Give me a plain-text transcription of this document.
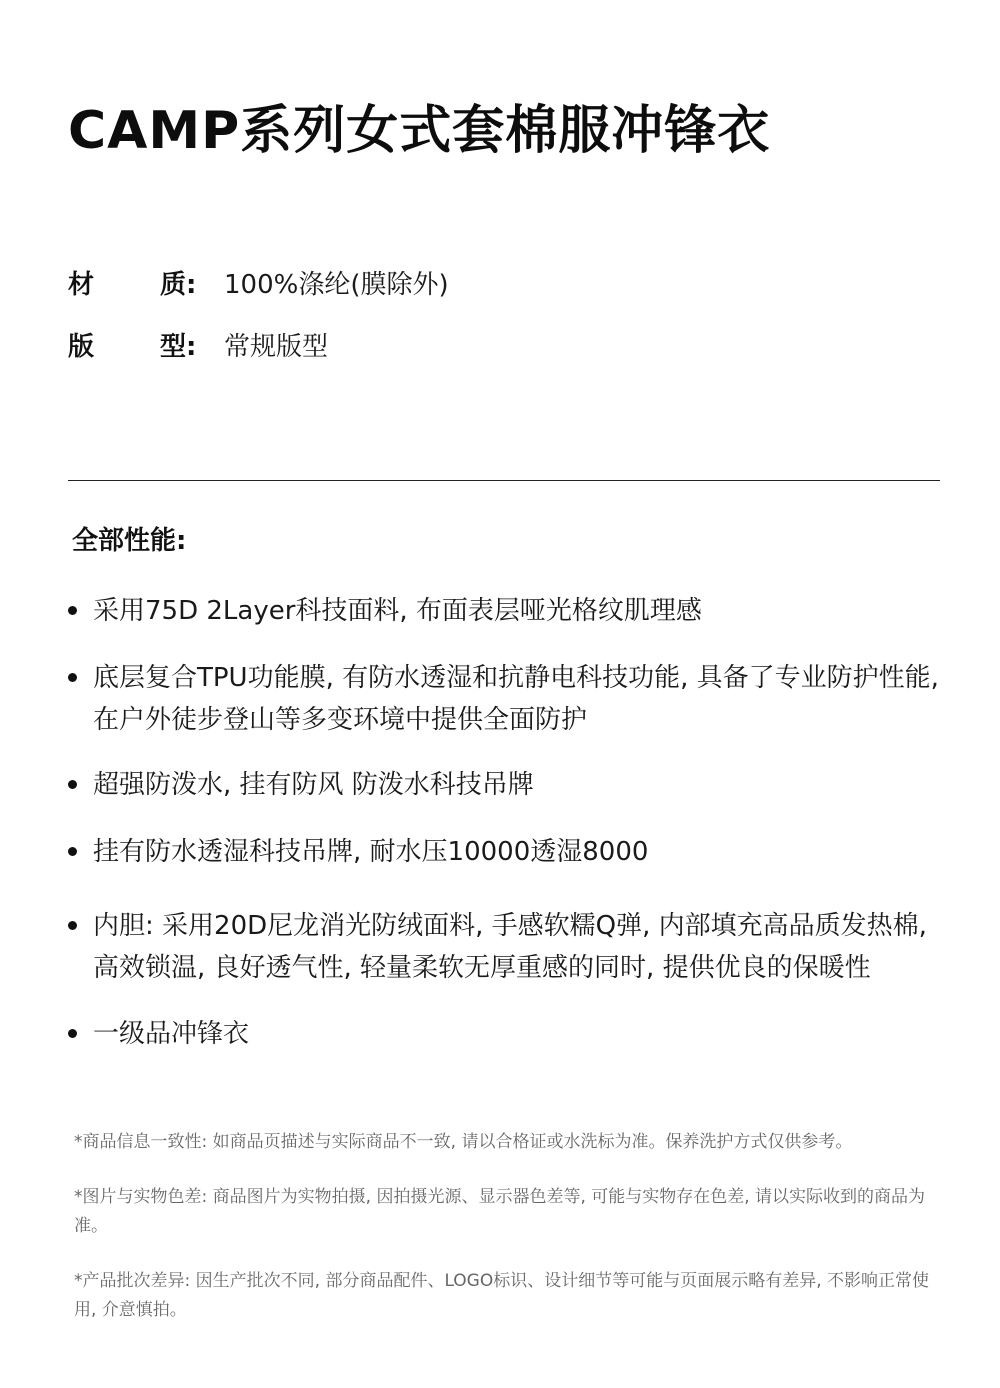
CAMP系列女式套棉服冲锋衣
材	质:	100%涤纶(膜除外)
版	型:	常规版型
全部性能:
采用75D 2Layer科技面料, 布面表层哑光格纹肌理感
底层复合TPU功能膜, 有防水透湿和抗静电科技功能, 具备了专业防护性能, 在户外徒步登山等多变环境中提供全面防护
超强防泼水, 挂有防风 防泼水科技吊牌
挂有防水透湿科技吊牌, 耐水压10000透湿8000
内胆: 采用20D尼龙消光防绒面料, 手感软糯Q弹, 内部填充高品质发热棉, 高效锁温, 良好透气性, 轻量柔软无厚重感的同时, 提供优良的保暖性
一级品冲锋衣
*商品信息一致性: 如商品页描述与实际商品不一致, 请以合格证或水洗标为准。保养洗护方式仅供参考。
*图片与实物色差: 商品图片为实物拍摄, 因拍摄光源、显示器色差等, 可能与实物存在色差, 请以实际收到的商品为准。
*产品批次差异: 因生产批次不同, 部分商品配件、LOGO标识、设计细节等可能与页面展示略有差异, 不影响正常使用, 介意慎拍。
